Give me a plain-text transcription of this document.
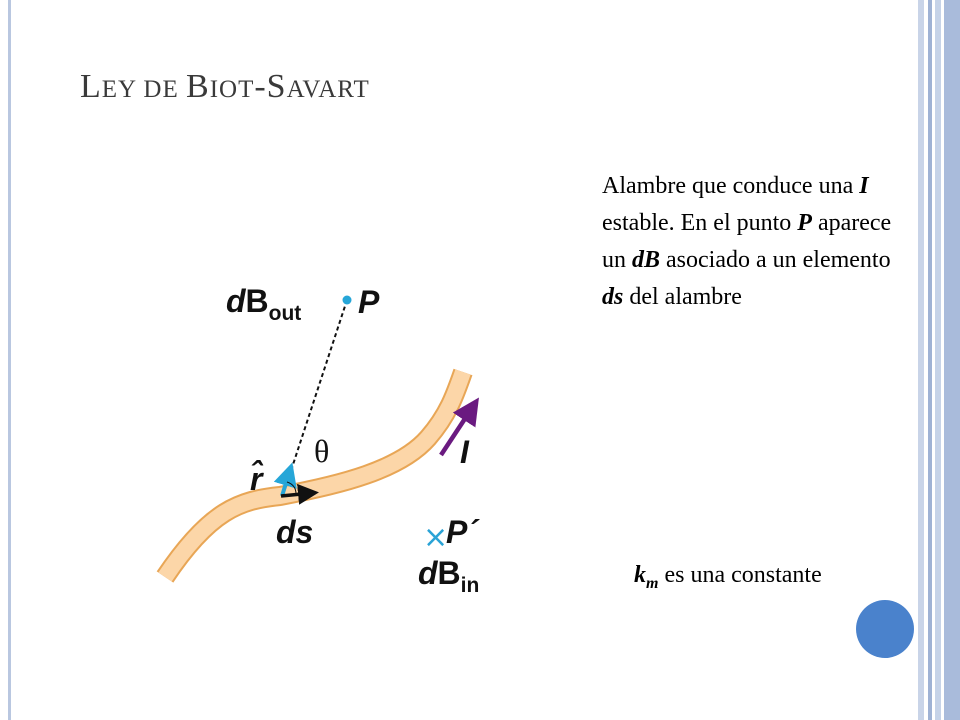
LEY DE BIOT-SAVART
Alambre que conduce una I estable. En el punto P aparece un dB asociado a un elemento ds del alambre
$k_m$ es una constante
$dB_{out}$ P
θ
r̂
ds
I
×
P´
$dB_{in}$
